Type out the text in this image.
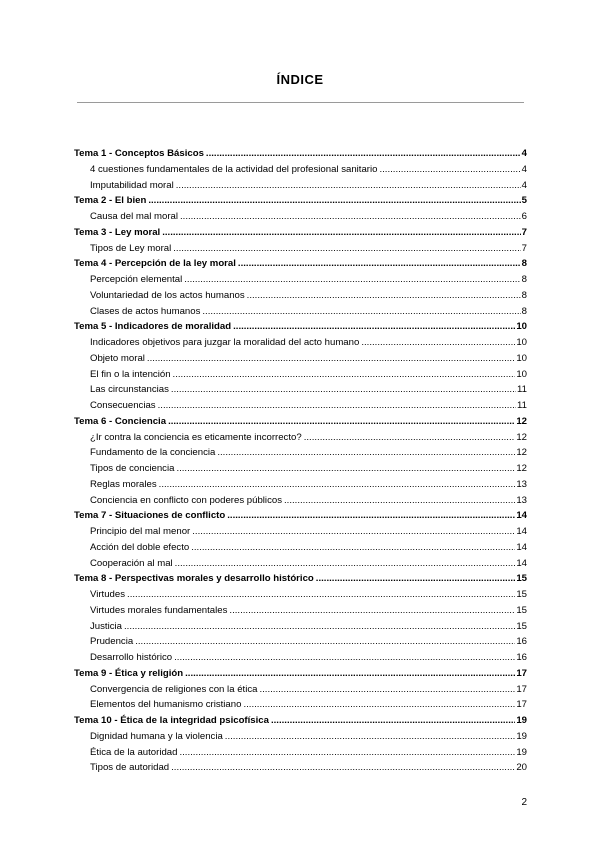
ÍNDICE
Tema 1 - Conceptos Básicos .....	4
4 cuestiones fundamentales de la actividad del profesional sanitario .....	4
Imputabilidad moral .....	4
Tema 2 - El bien .....	5
Causa del mal moral .....	6
Tema 3 - Ley moral .....	7
Tipos de Ley moral .....	7
Tema 4 - Percepción de la ley moral .....	8
Percepción elemental .....	8
Voluntariedad de los actos humanos .....	8
Clases de actos humanos .....	8
Tema 5 - Indicadores de moralidad .....	10
Indicadores objetivos para juzgar la moralidad del acto humano .....	10
Objeto moral .....	10
El fin o la intención .....	10
Las circunstancias .....	11
Consecuencias .....	11
Tema 6 - Conciencia .....	12
¿Ir contra la conciencia es eticamente incorrecto? .....	12
Fundamento de la conciencia .....	12
Tipos de conciencia .....	12
Reglas morales .....	13
Conciencia en conflicto con poderes públicos .....	13
Tema 7 - Situaciones de conflicto .....	14
Principio del mal menor .....	14
Acción del doble efecto .....	14
Cooperación al mal .....	14
Tema 8 - Perspectivas morales y desarrollo histórico .....	15
Virtudes .....	15
Virtudes morales fundamentales .....	15
Justicia .....	15
Prudencia .....	16
Desarrollo histórico .....	16
Tema 9 - Ética y religión .....	17
Convergencia de religiones con la ética .....	17
Elementos del humanismo cristiano .....	17
Tema 10 - Ética de la integridad psicofísica .....	19
Dignidad humana y la violencia .....	19
Ética de la autoridad .....	19
Tipos de autoridad .....	20
2
